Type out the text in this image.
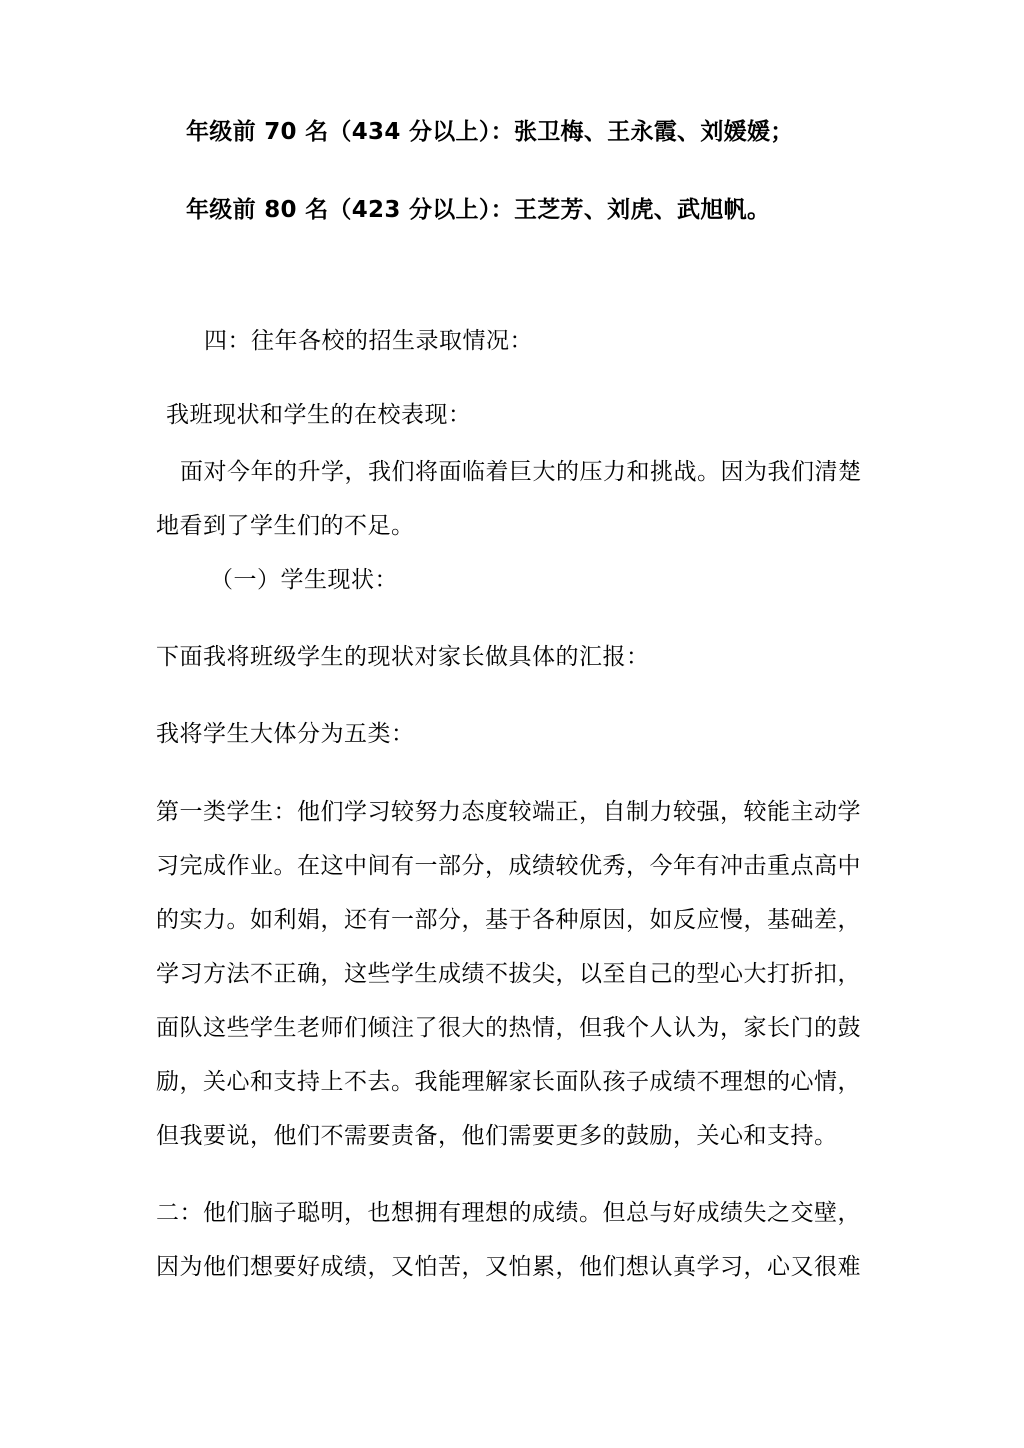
年级前 70 名（434 分以上）：张卫梅、王永霞、刘媛媛；
年级前 80 名（423 分以上）：王芝芳、刘虎、武旭帆。
四：往年各校的招生录取情况：
我班现状和学生的在校表现：
面对今年的升学，我们将面临着巨大的压力和挑战。因为我们清楚
地看到了学生们的不足。
（一）学生现状：
下面我将班级学生的现状对家长做具体的汇报：
我将学生大体分为五类：
第一类学生：他们学习较努力态度较端正，自制力较强，较能主动学
习完成作业。在这中间有一部分，成绩较优秀，今年有冲击重点高中
的实力。如利娟，还有一部分，基于各种原因，如反应慢，基础差，
学习方法不正确，这些学生成绩不拔尖，以至自己的型心大打折扣，
面队这些学生老师们倾注了很大的热情，但我个人认为，家长门的鼓
励，关心和支持上不去。我能理解家长面队孩子成绩不理想的心情，
但我要说，他们不需要责备，他们需要更多的鼓励，关心和支持。
二：他们脑子聪明，也想拥有理想的成绩。但总与好成绩失之交壁，
因为他们想要好成绩，又怕苦，又怕累，他们想认真学习，心又很难
